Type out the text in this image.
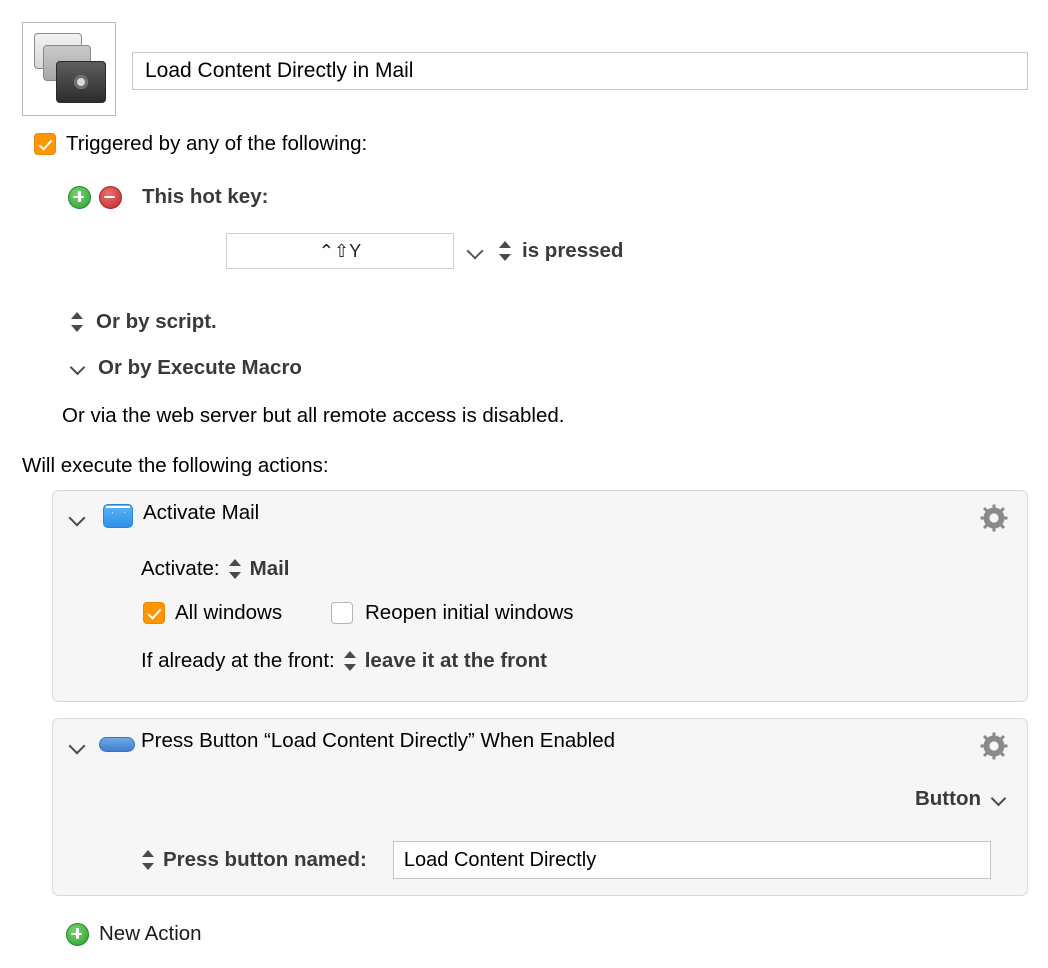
Load Content Directly in Mail
Triggered by any of the following:
This hot key:
⌃⇧Y	is pressed
Or by script.
Or by Execute Macro
Or via the web server but all remote access is disabled.
Will execute the following actions:
Activate Mail
Activate: Mail
All windows	Reopen initial windows
If already at the front: leave it at the front
Press Button “Load Content Directly” When Enabled
Button
Press button named:
Load Content Directly
New Action
